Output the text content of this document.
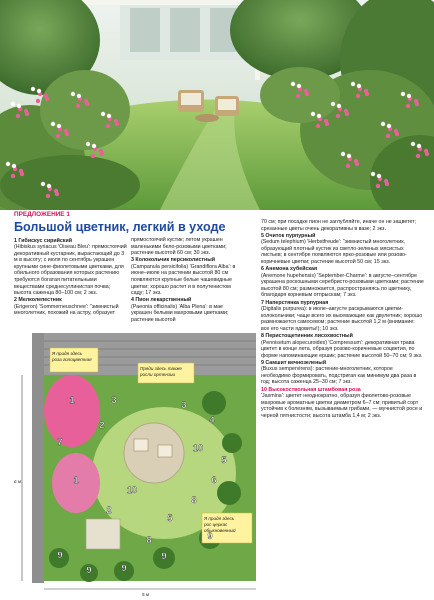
ПРЕДЛОЖЕНИЕ 1
Большой цветник, легкий в уходе
1 Гибискус сирийский

(Hibiskus syriacus 'Oiseau Bleu': прямостоячий декоративный кустарник, вырастающий до 3 м в высоту; с июля по сентябрь украшен крупными сине-фиолетовыми цветками, для обильного образования которых растению требуются богатая питательными веществами среднесуглинистая почва; высота саженца 80–100 см; 2 экз.

2 Мелколепестник

(Erigeron) 'Sommerneuschnee': "зимнистый многолетник, похожий на астру, образует

прямостоячий кустик; летом украшен маленькими бело-розовыми цветками; растение высотой 60 см; 30 экз.

3 Колокольчик персиколистный

(Campanula persicifolia) 'Grandiflora Alba': в июне–июле на растении высотой 80 см появляются крупные белые чашевидные цветки; хорошо растет и в полутенистом саду; 17 экз.

4 Пион лекарственный

(Paeonia officinalis) 'Alba Plena': в мае украшен белыми махровыми цветками; растение высотой

70 см; при посадке пион не заглубляйте, иначе он не зацветет; срезанные цветы очень декоративны в вазе; 2 экз.

5 Очиток пурпурный

(Sedum telephium) 'Herbstfreude': "зимнистый многолетник, образующий плотный кустик из светло-зеленых мясистых листьев; в сентябре появляются ярко-розовые или розово-коричневые цветки; растение высотой 50 см; 15 экз.

6 Анемона хубейская

(Anemone hupehensis) 'September-Charme': в августе–сентябре украшена роскошными серебристо-розовыми цветками; растение высотой 80 см; размножается, распространяясь по цветнику, благодаря корневым отпрыскам; 7 экз.

7 Наперстянка пурпурная

(Digitalis purpurea): в июле–августе раскрываются цветки-колокольчики; чаще всего их высевающие как двулетник; хорошо размножается самосевом; растение высотой 1,2 м (внимание: все его части ядовиты!); 10 экз.

8 Перистощетинник лисохвостный

(Pennisetum alopecuroides) 'Compressum': декоративная трава цветет в конце лета, образуя розово-коричневые соцветия, по форме напоминающие ершик; растение высотой 50–70 см; 9 экз.

9 Самшит вечнозеленый

(Buxus sempervirens): растение-многолетник, которое необходимо формировать, подстригая как минимум два раза в год; высота саженца 25–30 см; 7 экз.

10 Высокоствольная штамбовая роза

'Jasmina': цветет неоднократно, образуя фиолетово-розовые махровые ароматные цветки диаметром 6–7 см; привитый сорт устойчив к болезням, вызываемым грибами, — мучнистой росе и черной пятнистости; высота штамба 1,4 м; 2 экз.

Я придя здесь
роза голоцветная
Пряди здесь также
росли ортензии
Я придя здесь
рос церкас
обыкновенный
6 м
5 м
1
1
2
2
3
4
5
6
7
8
9
9	9
9
9
10
10
8
5
3
